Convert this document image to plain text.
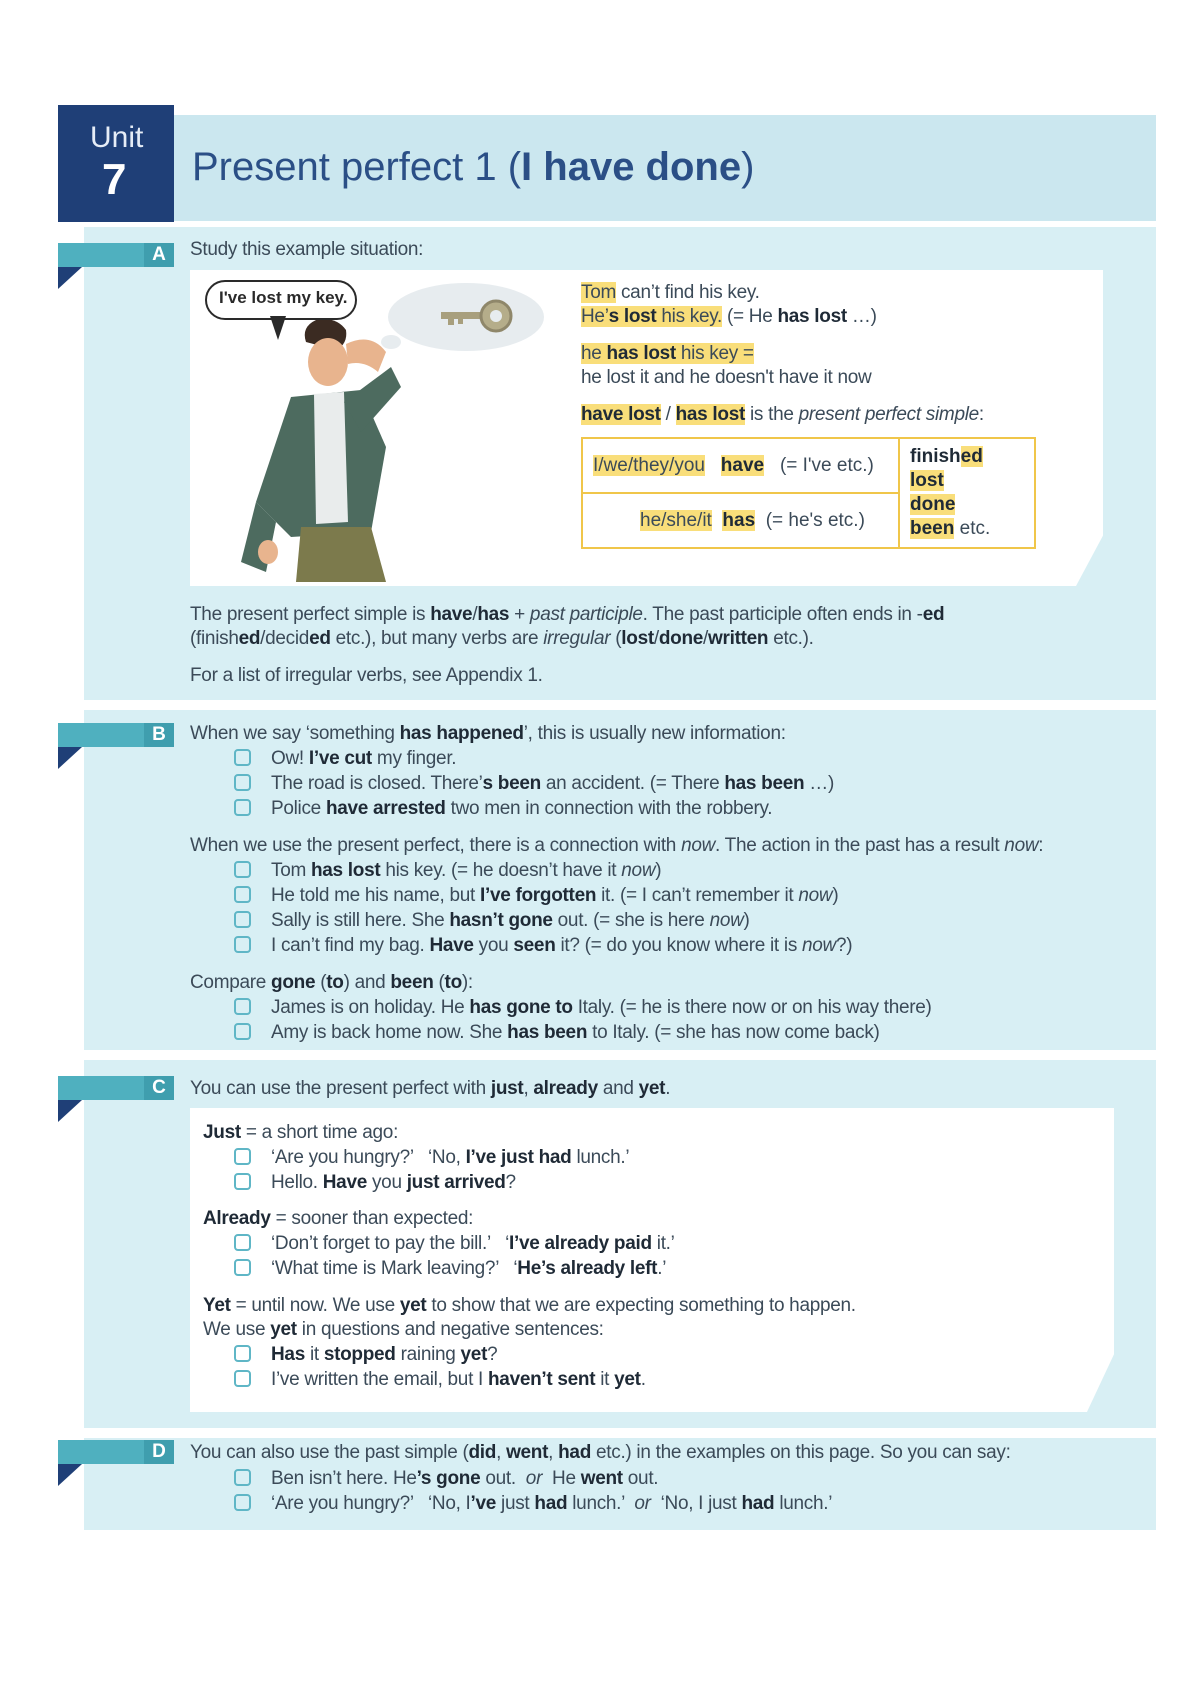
Unit
7 Present perfect 1 (I have done)
A	Study this example situation:
I've lost my key.	Tom can’t find his key.
He’s lost his key. (= He has lost …)
he has lost his key =
he lost it and he doesn't have it now
have lost / has lost is the present perfect simple:
I/we/they/you have (= I've etc.)	finished
lost
done
been etc.

he/she/it has (= he's etc.)
The present perfect simple is have/has + past participle. The past participle often ends in -ed
(finished/decided etc.), but many verbs are irregular (lost/done/written etc.).
For a list of irregular verbs, see Appendix 1.
B	When we say ‘something has happened’, this is usually new information:
Ow! I’ve cut my finger.
The road is closed. There’s been an accident. (= There has been …)
Police have arrested two men in connection with the robbery.
When we use the present perfect, there is a connection with now. The action in the past has a result now:
Tom has lost his key. (= he doesn’t have it now)
He told me his name, but I’ve forgotten it. (= I can’t remember it now)
Sally is still here. She hasn’t gone out. (= she is here now)
I can’t find my bag. Have you seen it? (= do you know where it is now?)
Compare gone (to) and been (to):
James is on holiday. He has gone to Italy. (= he is there now or on his way there)
Amy is back home now. She has been to Italy. (= she has now come back)
C	You can use the present perfect with just, already and yet.
Just = a short time ago:
‘Are you hungry?’   ‘No, I’ve just had lunch.’
Hello. Have you just arrived?
Already = sooner than expected:
‘Don’t forget to pay the bill.’   ‘I’ve already paid it.’
‘What time is Mark leaving?’   ‘He’s already left.’
Yet = until now. We use yet to show that we are expecting something to happen.
We use yet in questions and negative sentences:
Has it stopped raining yet?
I’ve written the email, but I haven’t sent it yet.
D	You can also use the past simple (did, went, had etc.) in the examples on this page. So you can say:
Ben isn’t here. He’s gone out.  or  He went out.
‘Are you hungry?’   ‘No, I’ve just had lunch.’  or  ‘No, I just had lunch.’
